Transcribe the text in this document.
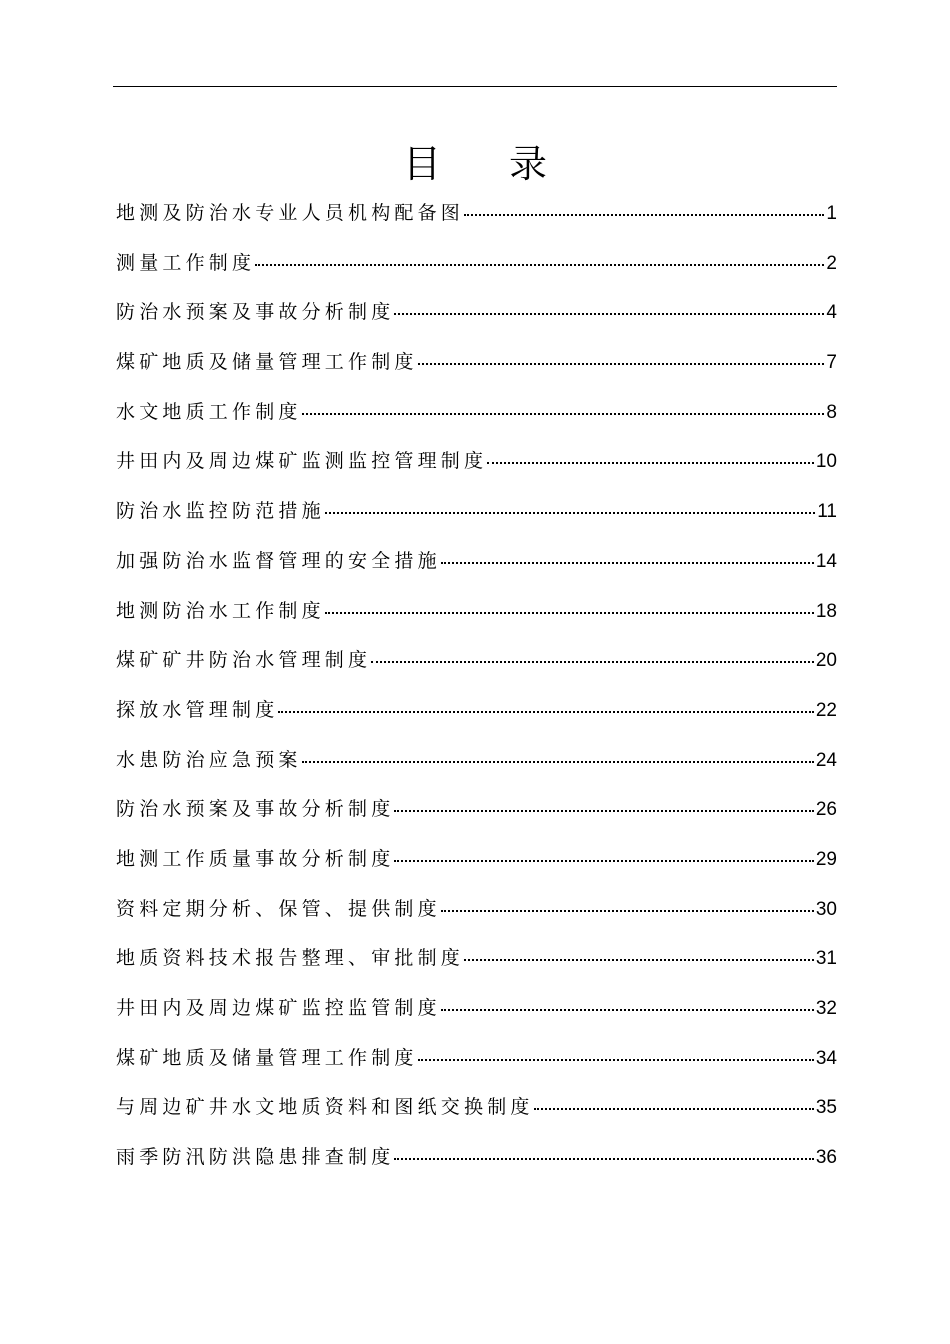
目 录
地测及防治水专业人员机构配备图	1
测量工作制度	2
防治水预案及事故分析制度	4
煤矿地质及储量管理工作制度	7
水文地质工作制度	8
井田内及周边煤矿监测监控管理制度	10
防治水监控防范措施	11
加强防治水监督管理的安全措施	14
地测防治水工作制度	18
煤矿矿井防治水管理制度	20
探放水管理制度	22
水患防治应急预案	24
防治水预案及事故分析制度	26
地测工作质量事故分析制度	29
资料定期分析、保管、提供制度	30
地质资料技术报告整理、审批制度	31
井田内及周边煤矿监控监管制度	32
煤矿地质及储量管理工作制度	34
与周边矿井水文地质资料和图纸交换制度	35
雨季防汛防洪隐患排查制度	36
